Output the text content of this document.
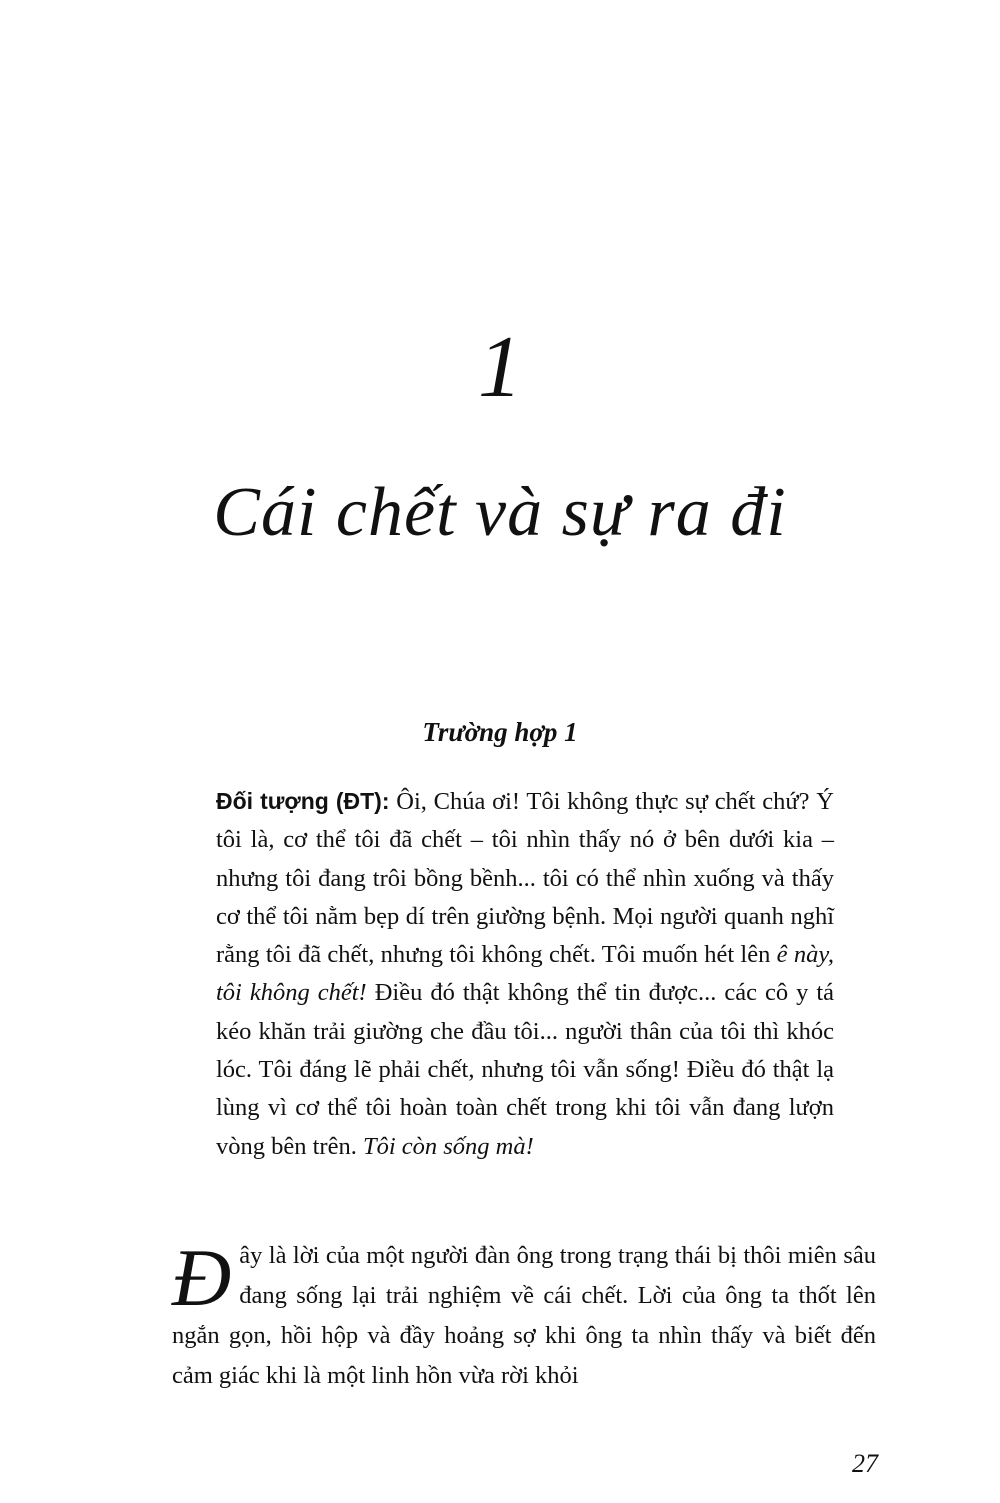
1
Cái chết và sự ra đi
Trường hợp 1
Đối tượng (ĐT): Ôi, Chúa ơi! Tôi không thực sự chết chứ? Ý tôi là, cơ thể tôi đã chết – tôi nhìn thấy nó ở bên dưới kia – nhưng tôi đang trôi bồng bềnh... tôi có thể nhìn xuống và thấy cơ thể tôi nằm bẹp dí trên giường bệnh. Mọi người quanh nghĩ rằng tôi đã chết, nhưng tôi không chết. Tôi muốn hét lên ê này, tôi không chết! Điều đó thật không thể tin được... các cô y tá kéo khăn trải giường che đầu tôi... người thân của tôi thì khóc lóc. Tôi đáng lẽ phải chết, nhưng tôi vẫn sống! Điều đó thật lạ lùng vì cơ thể tôi hoàn toàn chết trong khi tôi vẫn đang lượn vòng bên trên. Tôi còn sống mà!
Đây là lời của một người đàn ông trong trạng thái bị thôi miên sâu đang sống lại trải nghiệm về cái chết. Lời của ông ta thốt lên ngắn gọn, hồi hộp và đầy hoảng sợ khi ông ta nhìn thấy và biết đến cảm giác khi là một linh hồn vừa rời khỏi
27
